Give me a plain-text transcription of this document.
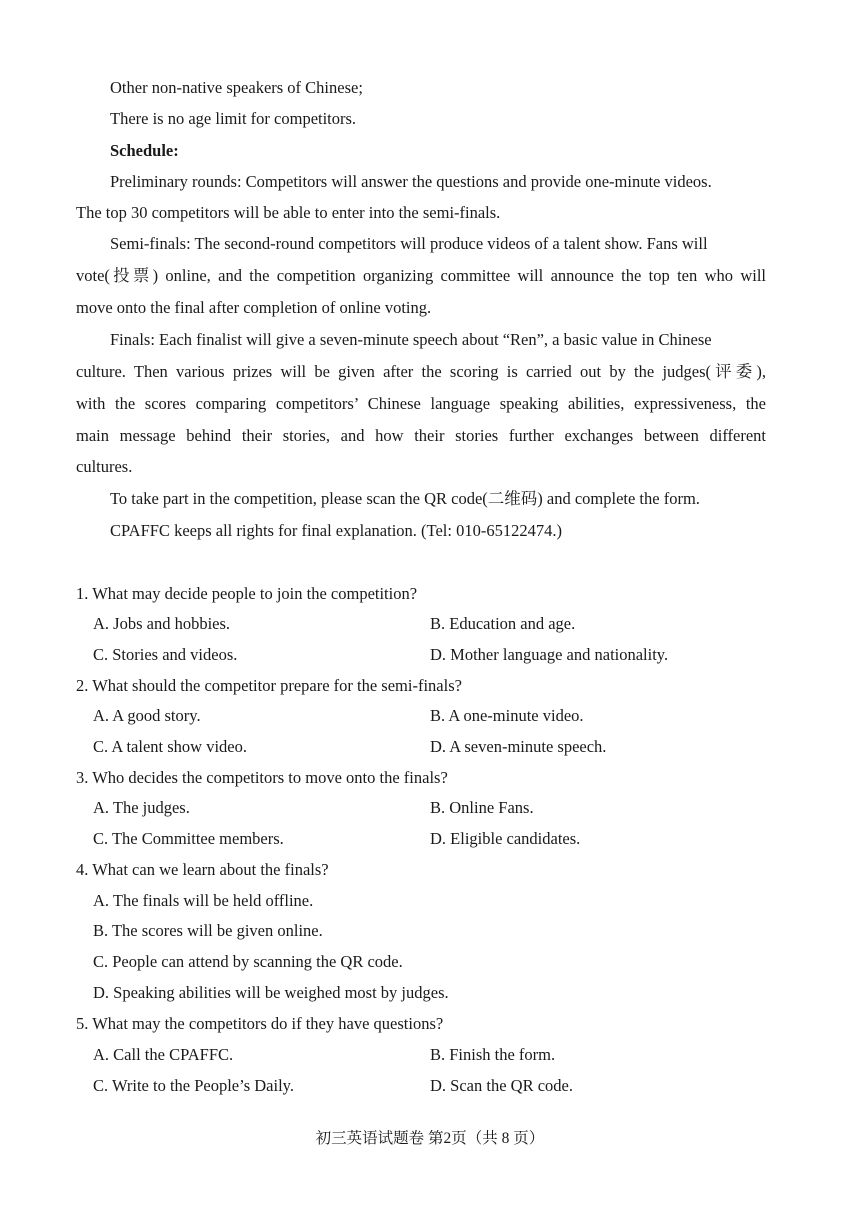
Other non-native speakers of Chinese;
There is no age limit for competitors.
Schedule:
Preliminary rounds: Competitors will answer the questions and provide one-minute videos.
The top 30 competitors will be able to enter into the semi-finals.
Semi-finals: The second-round competitors will produce videos of a talent show. Fans will
vote(投票) online, and the competition organizing committee will announce the top ten who will
move onto the final after completion of online voting.
Finals: Each finalist will give a seven-minute speech about “Ren”, a basic value in Chinese
culture. Then various prizes will be given after the scoring is carried out by the judges(评委),
with the scores comparing competitors’ Chinese language speaking abilities, expressiveness, the
main message behind their stories, and how their stories further exchanges between different
cultures.
To take part in the competition, please scan the QR code(二维码) and complete the form.
CPAFFC keeps all rights for final explanation. (Tel: 010-65122474.)
1. What may decide people to join the competition?
A. Jobs and hobbies.	B. Education and age.
C. Stories and videos.	D. Mother language and nationality.
2. What should the competitor prepare for the semi-finals?
A. A good story.	B. A one-minute video.
C. A talent show video.	D. A seven-minute speech.
3. Who decides the competitors to move onto the finals?
A. The judges.	B. Online Fans.
C. The Committee members.	D. Eligible candidates.
4. What can we learn about the finals?
A. The finals will be held offline.
B. The scores will be given online.
C. People can attend by scanning the QR code.
D. Speaking abilities will be weighed most by judges.
5. What may the competitors do if they have questions?
A. Call the CPAFFC.	B. Finish the form.
C. Write to the People’s Daily.	D. Scan the QR code.
初三英语试题卷 第2页（共 8 页）
